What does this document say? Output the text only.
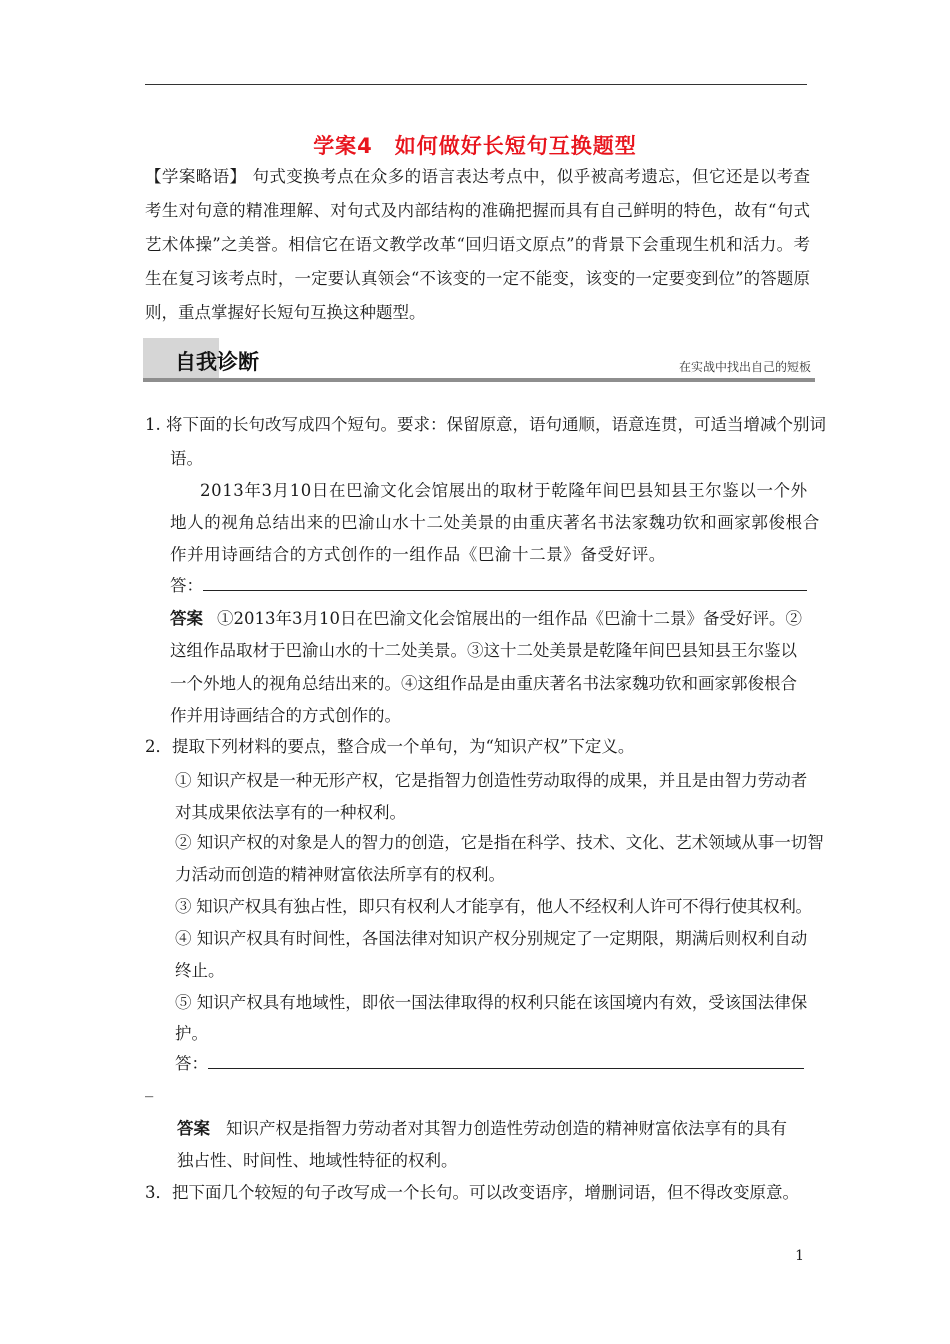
学案4　如何做好长短句互换题型
【学案略语】 句式变换考点在众多的语言表达考点中，似乎被高考遗忘，但它还是以考查考生对句意的精准理解、对句式及内部结构的准确把握而具有自己鲜明的特色，故有“句式艺术体操”之美誉。相信它在语文教学改革“回归语文原点”的背景下会重现生机和活力。考生在复习该考点时，一定要认真领会“不该变的一定不能变，该变的一定要变到位”的答题原则，重点掌握好长短句互换这种题型。
自我诊断	在实战中找出自己的短板
1. 将下面的长句改写成四个短句。要求：保留原意，语句通顺，语意连贯，可适当增减个别词
语。
2013年3月10日在巴渝文化会馆展出的取材于乾隆年间巴县知县王尔鉴以一个外
地人的视角总结出来的巴渝山水十二处美景的由重庆著名书法家魏功钦和画家郭俊根合
作并用诗画结合的方式创作的一组作品《巴渝十二景》备受好评。
答：
答案 ①2013年3月10日在巴渝文化会馆展出的一组作品《巴渝十二景》备受好评。②
这组作品取材于巴渝山水的十二处美景。③这十二处美景是乾隆年间巴县知县王尔鉴以
一个外地人的视角总结出来的。④这组作品是由重庆著名书法家魏功钦和画家郭俊根合
作并用诗画结合的方式创作的。
2．提取下列材料的要点，整合成一个单句，为“知识产权”下定义。
① 知识产权是一种无形产权，它是指智力创造性劳动取得的成果，并且是由智力劳动者
对其成果依法享有的一种权利。
② 知识产权的对象是人的智力的创造，它是指在科学、技术、文化、艺术领域从事一切智
力活动而创造的精神财富依法所享有的权利。
③ 知识产权具有独占性，即只有权利人才能享有，他人不经权利人许可不得行使其权利。
④ 知识产权具有时间性，各国法律对知识产权分别规定了一定期限，期满后则权利自动
终止。
⑤ 知识产权具有地域性，即依一国法律取得的权利只能在该国境内有效，受该国法律保
护。
答：
_
答案 知识产权是指智力劳动者对其智力创造性劳动创造的精神财富依法享有的具有
独占性、时间性、地域性特征的权利。
3．把下面几个较短的句子改写成一个长句。可以改变语序，增删词语，但不得改变原意。
1
